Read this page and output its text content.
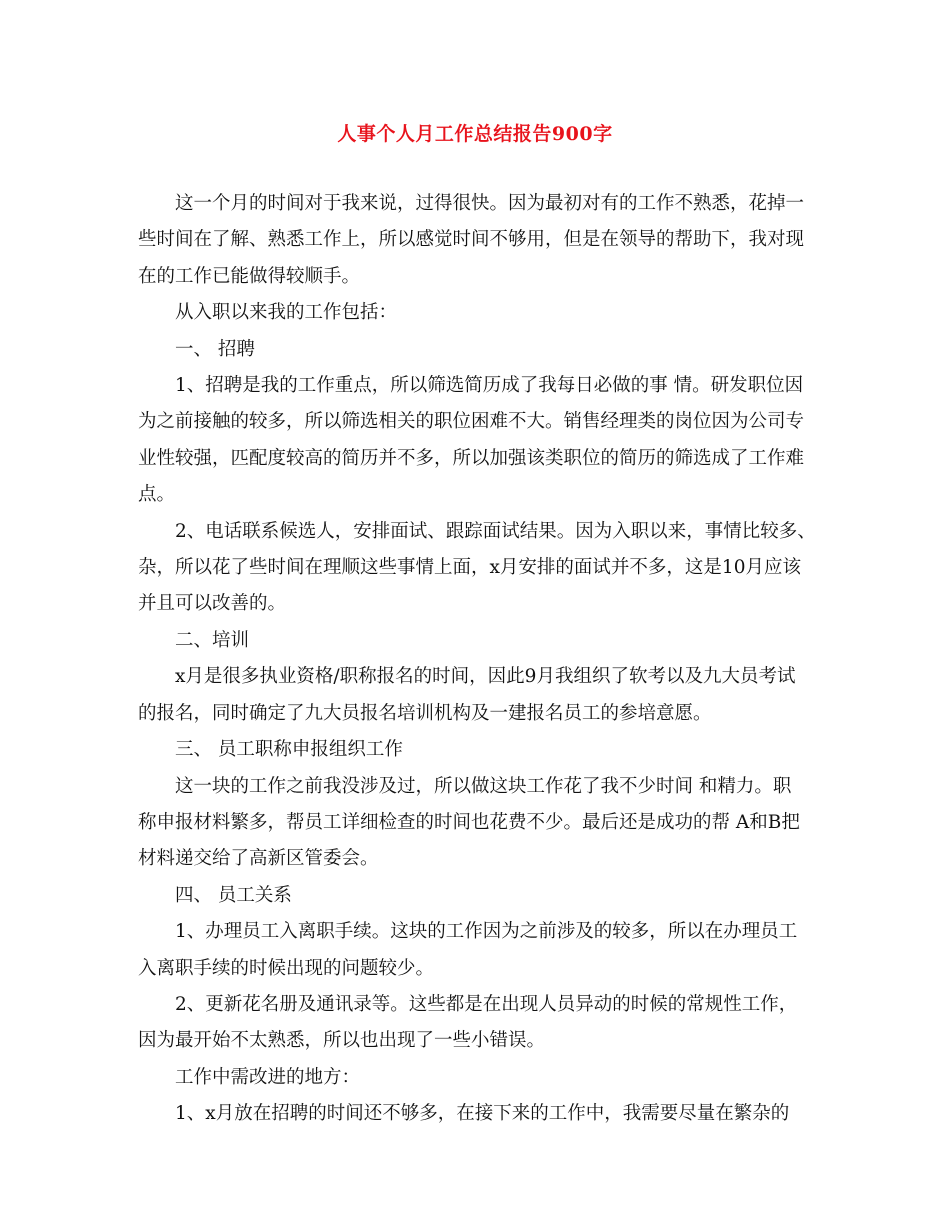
人事个人月工作总结报告900字

这一个月的时间对于我来说，过得很快。因为最初对有的工作不熟悉，花掉一

些时间在了解、熟悉工作上，所以感觉时间不够用，但是在领导的帮助下，我对现

在的工作已能做得较顺手。

从入职以来我的工作包括：

一、 招聘

1、招聘是我的工作重点，所以筛选简历成了我每日必做的事 情。研发职位因

为之前接触的较多，所以筛选相关的职位困难不大。销售经理类的岗位因为公司专

业性较强，匹配度较高的简历并不多，所以加强该类职位的简历的筛选成了工作难

点。

2、电话联系候选人，安排面试、跟踪面试结果。因为入职以来，事情比较多、

杂，所以花了些时间在理顺这些事情上面，x月安排的面试并不多，这是10月应该

并且可以改善的。

二、培训

x月是很多执业资格/职称报名的时间，因此9月我组织了软考以及九大员考试

的报名，同时确定了九大员报名培训机构及一建报名员工的参培意愿。

三、 员工职称申报组织工作

这一块的工作之前我没涉及过，所以做这块工作花了我不少时间 和精力。职

称申报材料繁多，帮员工详细检查的时间也花费不少。最后还是成功的帮 A和B把

材料递交给了高新区管委会。

四、 员工关系

1、办理员工入离职手续。这块的工作因为之前涉及的较多，所以在办理员工

入离职手续的时候出现的问题较少。

2、更新花名册及通讯录等。这些都是在出现人员异动的时候的常规性工作，

因为最开始不太熟悉，所以也出现了一些小错误。

工作中需改进的地方：

1、x月放在招聘的时间还不够多，在接下来的工作中，我需要尽量在繁杂的
